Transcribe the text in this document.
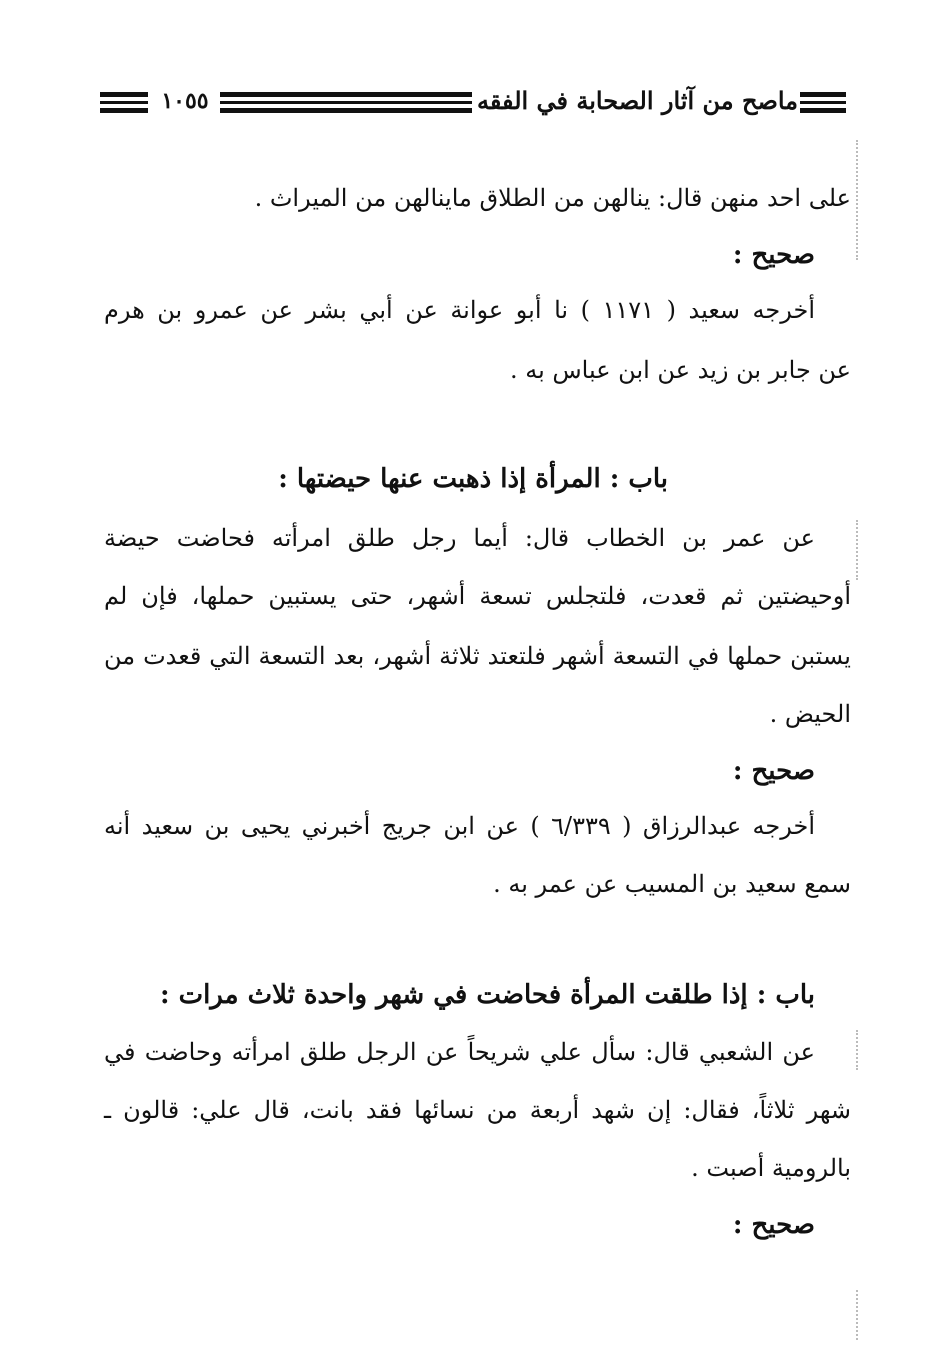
١٠٥٥	ماصح من آثار الصحابة في الفقه
على احد منهن قال: يناله‍ن من الطلاق ماينالهن من الميراث .
صحيح :
أخرجه سعيد ( ١١٧١ ) نا أبو عوانة عن أبي بشر عن عمرو بن هرم
عن جابر بن زيد عن ابن عباس به .
باب : المرأة إذا ذهبت عنها حيضتها :
عن عمر بن الخطاب قال: أيما رجل طلق امرأته فحاضت حيضة
أوحيضتين ثم قعدت، فلتجلس تسعة أشهر، حتى يستبين حملها، فإن لم
يستبن حملها في التسعة أشهر فلتعتد ثلاثة أشهر، بعد التسعة التي قعدت من
الحيض .
صحيح :
أخرجه عبدالرزاق ( ٦/٣٣٩ ) عن ابن جريج أخبرني يحيى بن سعيد أنه
سمع سعيد بن المسيب عن عمر به .
باب : إذا طلقت المرأة فحاضت في شهر واحدة ثلاث مرات :
عن الشعبي قال: سأل علي شريحاً عن الرجل طلق امرأته وحاضت في
شهر ثلاثاً، فقال: إن شهد أربعة من نسائها فقد بانت، قال علي: قالون ـ
بالرومية أصبت .
صحيح :
